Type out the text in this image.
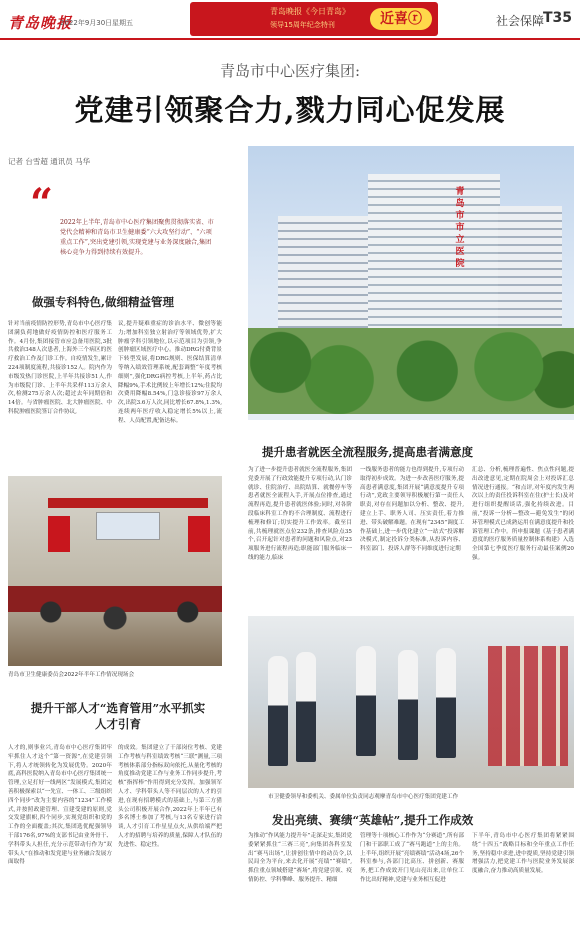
青岛晚报
2022年9月30日 星期五
青岛晚报《今日青岛》
领导15周年纪念特刊	近喜ⓡ	社会保障
T35
青岛市中心医疗集团:
党建引领聚合力,戮力同心促发展
记者 台雪超 通讯员 马华
“ 2022年上半年,青岛市中心医疗集团聚焦贯彻落实省、市党代会精神和青岛市卫生健康委“六大攻坚行动”、“六项重点工作”,突出党建引领,实现党建与业务深度融合,集团核心竞争力得到持续有效提升。
青岛市市立医院
做强专科特色,做细精益管理
针对当前疫情防控形势,青岛市中心医疗集团满负荷地做好疫情防控和医疗服务工作。4月份,集团接管市应急备用医院,3批共救治348人次患者,上海外三个病区的医疗救治工作及门诊工作。自疫情发生,累计224项制度流程,共接诊152人。院内作为市级发热门诊医院,上半年共接诊51人,作为市级院门诊、上半年共采样113万余人次,检测275万余人次;超过去年同期倍和14倍。与省肿瘤医院、北大肿瘤医院、中科院肿瘤医院签订合作协议,
议,提升疑难重症的诊治水平、微创等能力;增加科室独立射治疗等领域优势,扩大肿瘤学科引领地位,以示范项目为引领,争创肿瘤区域医疗中心。推动DRG付费背景下转型发展,将DRG规则、医保结算清单等纳入绩效管理系统,配套调整“年度考核细则”,强化DRG病控考核,上半年,药占比降幅9%,手术比例较上年增长12%;住院均次费用降幅8.54%,门急诊接诊97万余人次,出院3.6万人次,同比增长67.8%,1.3%,连续两年医疗收入稳定增长5%以上,流程、人员配置,配备达标。
青岛市卫生健康委员会2022年半年工作情况现场会
提升患者就医全流程服务,提高患者满意度
为了进一步提升患者就医全流程服务,集团党委开展了行政效能提升专项行动,认门诊就诊、住院治疗、出院结算、就餐停车等患者就医全流程入手,开展点位排查,通过流程再造,提升患者就医体验;同时,对各阶段临床科室工作的不合理制度、流程进行梳理和修订;切实提升工作效率。截至目前,共梳理就医点位232条,排查风险点35个,召开起针对患者的问题和风险点,对23项服务进行流程再造;职能部门服务临床一线的能力,临床
一线服务患者的能力也得到提升,专项行动取得初步成效。为进一步改善医疗服务,提高患者满意度,集团开展“满意度提升专项行动”,党政主要领导积极履行第一责任人职责,对存在问题加以分析、整改、提升,建立上手、职务人司、压实责任,着力推进、带头破解难题。在现有“2345”调度工作基础上,进一步优化建立“一站式”投诉解决模式,制定投诉分类标准,从投诉内容、科室部门、投诉人群等不同维度进行定期
汇总、分析,梳理普遍性、焦点性问题,提出改进意见,定期在院周会上对投诉汇总情况进行通报。“和点评,对年度内发生两次以上的责任投诉科室在住(护士长)及对进行组织提醒谈话,强化持续改进。目前,“投诉一分析—整改—避免发生”的闭环管理模式已成熟运用在满意度提升和投诉管理工作中。所申报课题《基于患者满意度的医疗服务质量控制体系构建》入选全国第七季度医疗服务行动最佳案例20强。
市卫健委领导和委机关、委属单位负责同志观摩青岛市中心医疗集团党建工作
提升干部人才“选育管用”水平抓实人才引育
人才的,则事业兴,青岛市中心医疗集团牢牢抓住人才这个“第一资源”,在党建引领下,将人才统领转化为发展优势。2020年底,高科医院纳入青岛市中心医疗集团统一管理,立足打好一线两区“发展模式,集团完善积极探索以“一先宣、一体工、三级组织 四个同步”改为主要内容的“1234”工作模式,并按照政建管理、宣建受建的原则,党交发建旗帜,四个同步,实现党组织和党的工作的全面覆盖;其次,集团选优配强领导干部176名,97%的支部书记由业务骨干、学科带头人担任,充分示范带动行作为“双带头人”在推动和发党建与业务融合发展方面取得
的成效。集团建立了干部岗位考核、党建工作考核与科室绩效考核“三联”测量,三项考核体系部分指标双向依托,从量化考核的角度推动党建工作与业务工作同步提升,考核“指挥棒”作用得到充分发挥。加强领军人才、学科带头人等不同层次的人才的引进,在现有招聘模式的基础上,与第三方猎头公司积极开展合作,2022年上半年已有多名博士参加了考核,与13名专家进行洽谈,人才引育工作星星点火,从供给端严把人才的招聘与培养的质量,保障人才队伍的先进性、稳定性。
发出亮绩、赛绩“英雄帖”,提升工作成效
为推动“作风能力提升年”走深走实,集团党委紧紧抓住“三赛三亮”,向集团各科室发出“赛马出场”,让拼创往情中的动员令,以民局全为平台,来去化开展“亮绩”“赛绩”,抓住重点领域搭建“赛场”,将党建引领、疫情防控、学科攀峰、服务提升、精细
管理等十项核心工作作为“分赛道”,所有部门和干部职工成了“赛马跑道”上的主角。上半年,组织开展“亮绩赛绩”活动4场,26个科室参与,各部门比高压、拼创新、赛服务,把工作成效开门见山亮出来,让单位工作比出好精神,党建与业务相互促进
下半年,青岛市中心医疗集团将紧紧围绕“十四五”战略目标和全年重点工作任务,坚持稳中求进,进中提质,坚持党建引领增强活力,把党建工作与医院业务发展深度融合,奋力推动高质量发展。
